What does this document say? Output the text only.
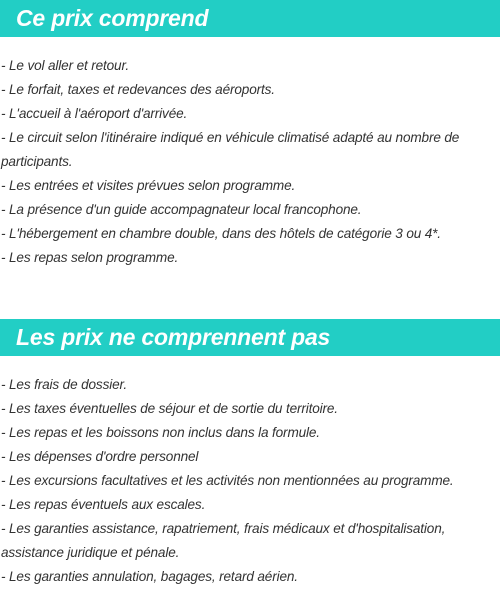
Ce prix comprend
- Le vol aller et retour.
- Le forfait, taxes et redevances des aéroports.
- L'accueil à l'aéroport d'arrivée.
- Le circuit selon l'itinéraire indiqué en véhicule climatisé adapté au nombre de participants.
- Les entrées et visites prévues selon programme.
- La présence d'un guide accompagnateur local francophone.
- L'hébergement en chambre double, dans des hôtels de catégorie 3 ou 4*.
- Les repas selon programme.
Les prix ne comprennent pas
- Les frais de dossier.
- Les taxes éventuelles de séjour et de sortie du territoire.
- Les repas et les boissons non inclus dans la formule.
- Les dépenses d'ordre personnel
- Les excursions facultatives et les activités non mentionnées au programme.
- Les repas éventuels aux escales.
- Les garanties assistance, rapatriement, frais médicaux et d'hospitalisation, assistance juridique et pénale.
- Les garanties annulation, bagages, retard aérien.
